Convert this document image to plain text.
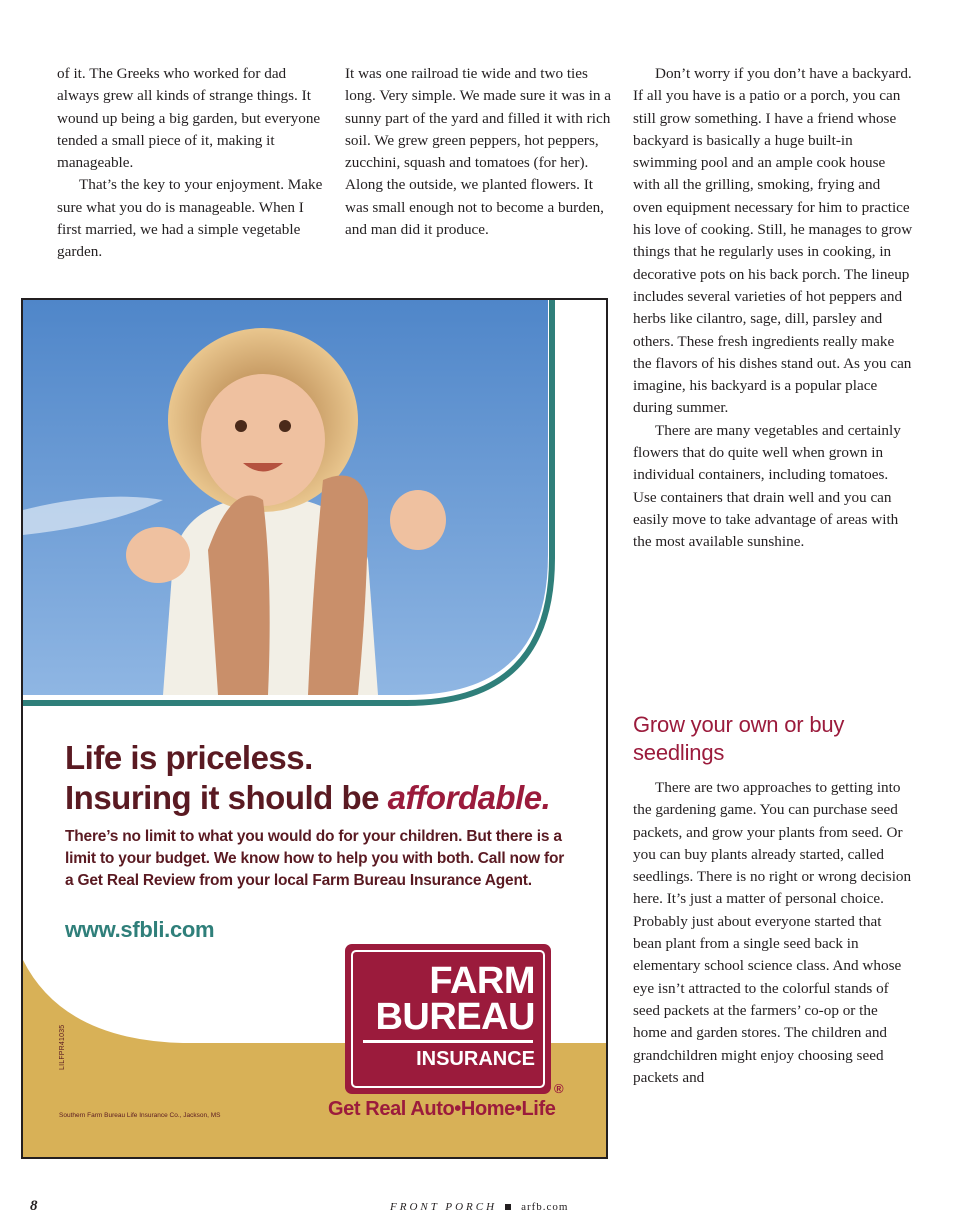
of it. The Greeks who worked for dad always grew all kinds of strange things. It wound up being a big garden, but everyone tended a small piece of it, making it manageable.

That’s the key to your enjoyment. Make sure what you do is manageable. When I first married, we had a simple vegetable garden.

It was one railroad tie wide and two ties long. Very simple. We made sure it was in a sunny part of the yard and filled it with rich soil. We grew green peppers, hot peppers, zucchini, squash and tomatoes (for her). Along the outside, we planted flowers. It was small enough not to become a burden, and man did it produce.

Don’t worry if you don’t have a backyard. If all you have is a patio or a porch, you can still grow something. I have a friend whose backyard is basically a huge built-in swimming pool and an ample cook house with all the grilling, smoking, frying and oven equipment necessary for him to practice his love of cooking. Still, he manages to grow things that he regularly uses in cooking, in decorative pots on his back porch. The lineup includes several varieties of hot peppers and herbs like cilantro, sage, dill, parsley and others. These fresh ingredients really make the flavors of his dishes stand out. As you can imagine, his backyard is a popular place during summer.

There are many vegetables and certainly flowers that do quite well when grown in individual containers, including tomatoes. Use containers that drain well and you can easily move to take advantage of areas with the most available sunshine.

Grow your own or buy seedlings

There are two approaches to getting into the gardening game. You can purchase seed packets, and grow your plants from seed. Or you can buy plants already started, called seedlings. There is no right or wrong decision here. It’s just a matter of personal choice. Probably just about everyone started that bean plant from a single seed back in elementary school science class. And whose eye isn’t attracted to the colorful stands of seed packets at the farmers’ co-op or the home and garden stores. The children and grandchildren might enjoy choosing seed packets and

Life is priceless.
Insuring it should be affordable.
There’s no limit to what you would do for your children. But there is a limit to your budget. We know how to help you with both. Call now for a Get Real Review from your local Farm Bureau Insurance Agent.
www.sfbli.com
FARM
BUREAU
INSURANCE
®
Get Real Auto•Home•Life
Southern Farm Bureau Life Insurance Co., Jackson, MS
LILFPR41035
8	FRONT PORCH arfb.com
